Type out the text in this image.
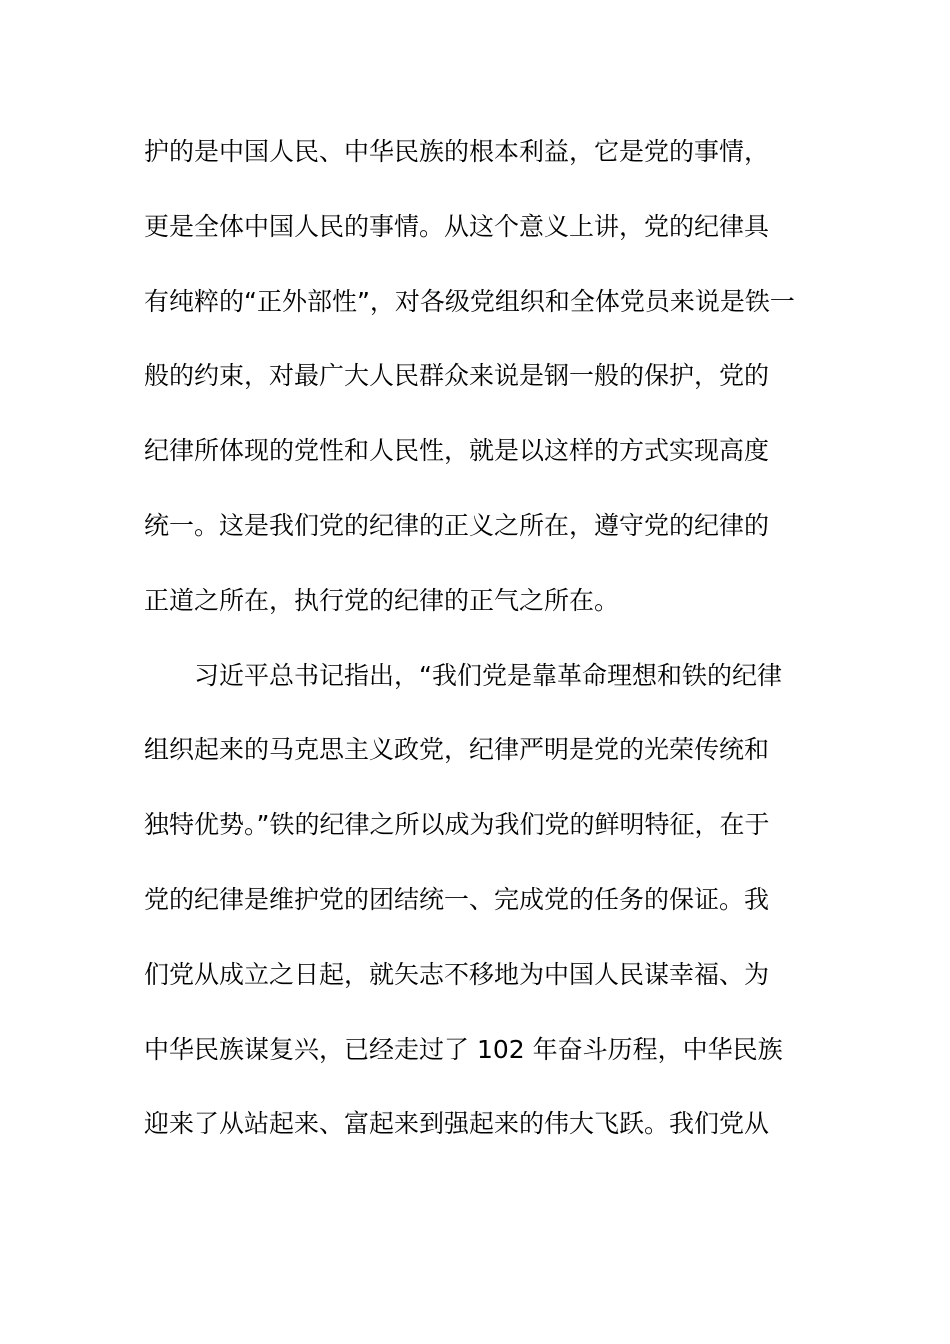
护的是中国人民、中华民族的根本利益，它是党的事情，
更是全体中国人民的事情。从这个意义上讲，党的纪律具
有纯粹的“正外部性”，对各级党组织和全体党员来说是铁一
般的约束，对最广大人民群众来说是钢一般的保护，党的
纪律所体现的党性和人民性，就是以这样的方式实现高度
统一。这是我们党的纪律的正义之所在，遵守党的纪律的
正道之所在，执行党的纪律的正气之所在。
习近平总书记指出，“我们党是靠革命理想和铁的纪律
组织起来的马克思主义政党，纪律严明是党的光荣传统和
独特优势。”铁的纪律之所以成为我们党的鲜明特征，在于
党的纪律是维护党的团结统一、完成党的任务的保证。我
们党从成立之日起，就矢志不移地为中国人民谋幸福、为
中华民族谋复兴，已经走过了 102 年奋斗历程，中华民族
迎来了从站起来、富起来到强起来的伟大飞跃。我们党从
